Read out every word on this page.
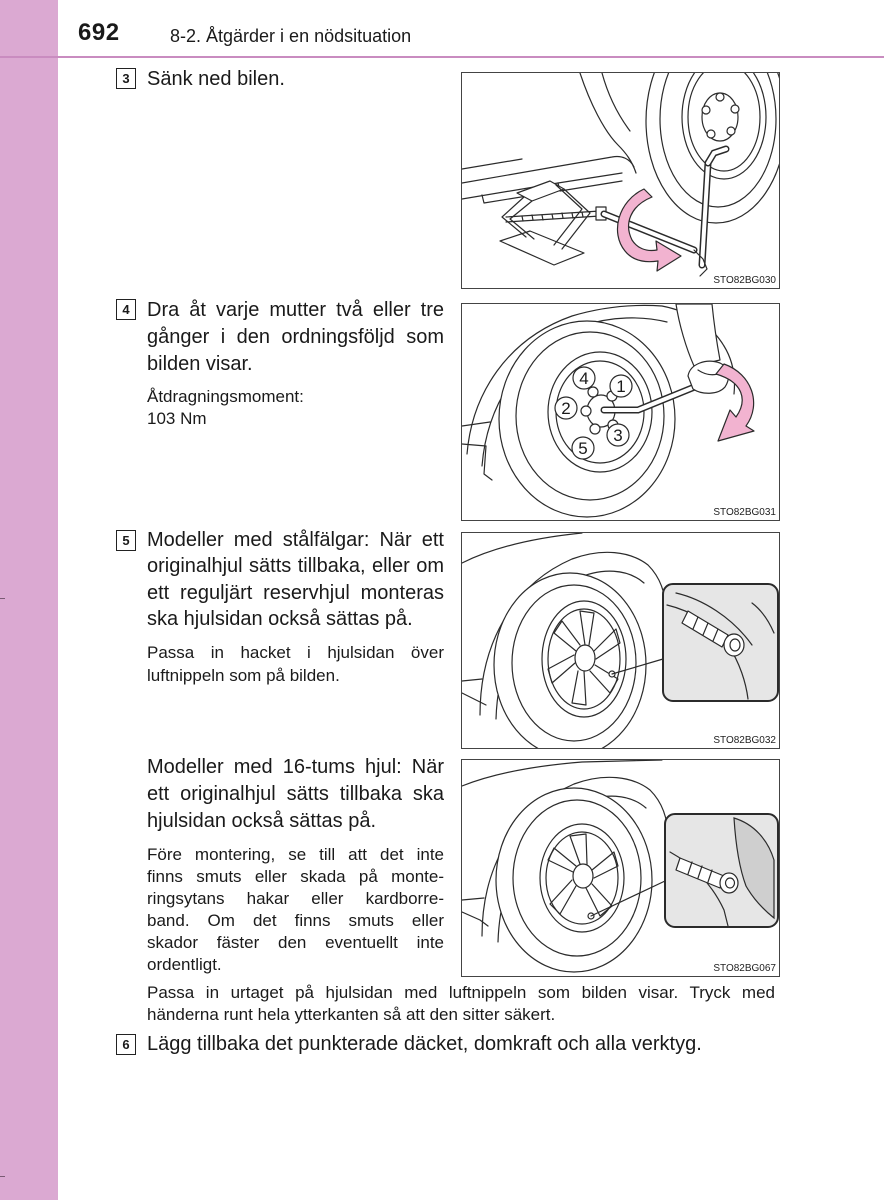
692	8-2. Åtgärder i en nödsituation
3 Sänk ned bilen.
4 Dra åt varje mutter två eller tre
gånger i den ordningsföljd som
bilden visar.
Åtdragningsmoment:
103 Nm
5 Modeller med stålfälgar: När ett
originalhjul sätts tillbaka, eller om
ett reguljärt reservhjul monteras
ska hjulsidan också sättas på.
Passa in hacket i hjulsidan över
luftnippeln som på bilden.
Modeller med 16-tums hjul: När
ett originalhjul sätts tillbaka ska
hjulsidan också sättas på.
Före montering, se till att det inte
finns smuts eller skada på monte-
ringsytans hakar eller kardborre-
band. Om det finns smuts eller
skador fäster den eventuellt inte
ordentligt.
Passa in urtaget på hjulsidan med luftnippeln som bilden visar. Tryck med
händerna runt hela ytterkanten så att den sitter säkert.
6 Lägg tillbaka det punkterade däcket, domkraft och alla verktyg.
STO82BG030
4 1
2
5
3
STO82BG031
STO82BG032
STO82BG067
